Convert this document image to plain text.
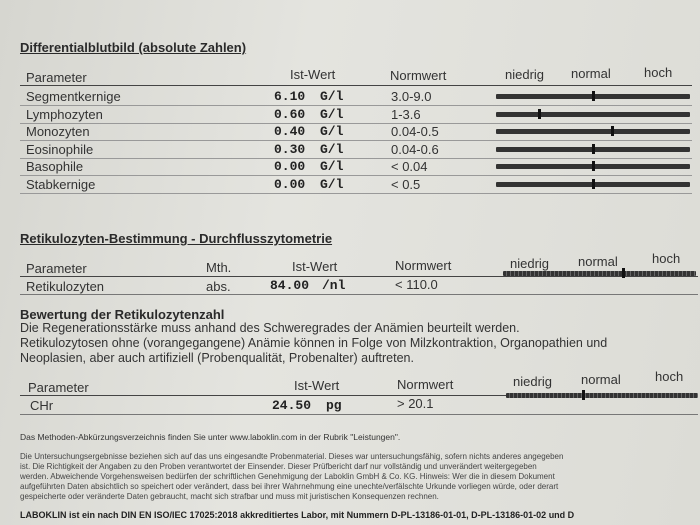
Differentialblutbild (absolute Zahlen)
Parameter	Ist-Wert	Normwert	niedrig normal	hoch
Segmentkernige	6.10 G/l	3.0-9.0
Lymphozyten	0.60 G/l	1-3.6
Monozyten	0.40 G/l	0.04-0.5
Eosinophile	0.30 G/l	0.04-0.6
Basophile	0.00 G/l	< 0.04
Stabkernige	0.00 G/l	< 0.5
Retikulozyten-Bestimmung - Durchflusszytometrie
Parameter	Mth.	Ist-Wert	Normwert	niedrig normal	hoch
Retikulozyten	abs.	84.00 /nl	< 110.0
Bewertung der Retikulozytenzahl
Die Regenerationsstärke muss anhand des Schweregrades der Anämien beurteilt werden.
Retikulozytosen ohne (vorangegangene) Anämie können in Folge von Milzkontraktion, Organopathien und
Neoplasien, aber auch artifiziell (Probenqualität, Probenalter) auftreten.
Parameter	Ist-Wert	Normwert	niedrig normal	hoch
CHr	24.50 pg	> 20.1
Das Methoden-Abkürzungsverzeichnis finden Sie unter www.laboklin.com in der Rubrik "Leistungen".
Die Untersuchungsergebnisse beziehen sich auf das uns eingesandte Probenmaterial. Dieses war untersuchungsfähig, sofern nichts anderes angegeben
ist. Die Richtigkeit der Angaben zu den Proben verantwortet der Einsender. Dieser Prüfbericht darf nur vollständig und unverändert weitergegeben
werden. Abweichende Vorgehensweisen bedürfen der schriftlichen Genehmigung der Laboklin GmbH & Co. KG. Hinweis: Wer die in diesem Dokument
aufgeführten Daten absichtlich so speichert oder verändert, dass bei ihrer Wahrnehmung eine unechte/verfälschte Urkunde vorliegen würde, oder derart
gespeicherte oder veränderte Daten gebraucht, macht sich strafbar und muss mit juristischen Konsequenzen rechnen.
LABOKLIN ist ein nach DIN EN ISO/IEC 17025:2018 akkreditiertes Labor, mit Nummern D-PL-13186-01-01, D-PL-13186-01-02 und D
